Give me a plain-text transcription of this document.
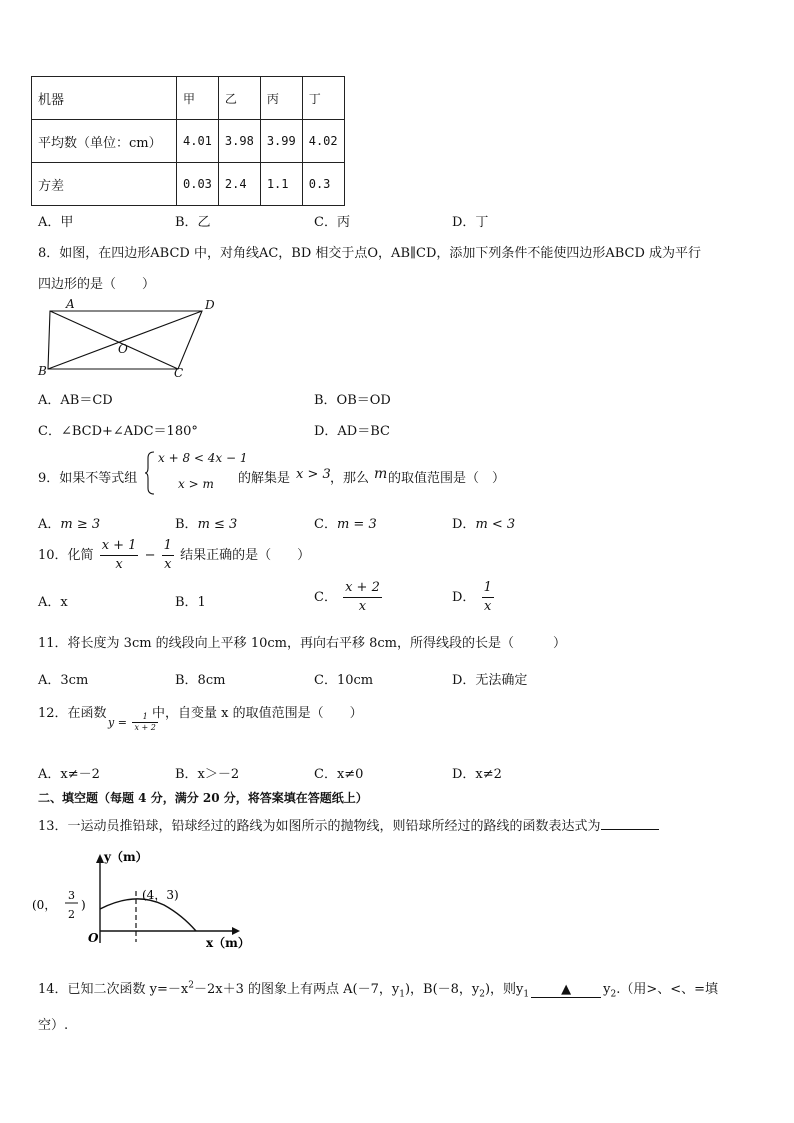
机器	甲	乙	丙	丁
平均数（单位：cm）	4.01	3.98	3.99	4.02
方差	0.03	2.4	1.1	0.3
A．甲	B．乙	C．丙	D．丁
8．如图，在四边形ABCD 中，对角线AC，BD 相交于点O，AB∥CD，添加下列条件不能使四边形ABCD 成为平行
四边形的是（　　）
A	D
B	C
O
A．AB＝CD	B．OB＝OD
C．∠BCD+∠ADC＝180°	D．AD＝BC
9．如果不等式组
x + 8 < 4x − 1
x > m 的解集是 x > 3 ，那么 m 的取值范围是（　）
A．m ≥ 3	B．m ≤ 3	C．m = 3	D．m < 3
10．化简 $\frac{x + 1}{x} - \frac{1}{x}$ 结果正确的是（　　）
A．x	B．1	C． $\frac{x + 2}{x}$	D． $\frac{1}{x}$
11．将长度为 3cm 的线段向上平移 10cm，再向右平移 8cm，所得线段的长是（　　　）
A．3cm	B．8cm	C．10cm	D．无法确定
12．在函数
$y = \frac{1}{x + 2}$
中，自变量 x 的取值范围是（　　）
A．x≠－2	B．x＞－2	C．x≠0	D．x≠2
二、填空题（每题 4 分，满分 20 分，将答案填在答题纸上）
13．一运动员推铅球，铅球经过的路线为如图所示的抛物线，则铅球所经过的路线的函数表达式为
y（m）
x（m）
O
(4，3)
(0，
3
2
)
14．已知二次函数 $y=-x^2-2x+3$ 的图象上有两点 A(－7，$y_1$)，B(－8，$y_2$)，则$y_1$ ▲ $y_2$.（用>、<、=填
空）.
